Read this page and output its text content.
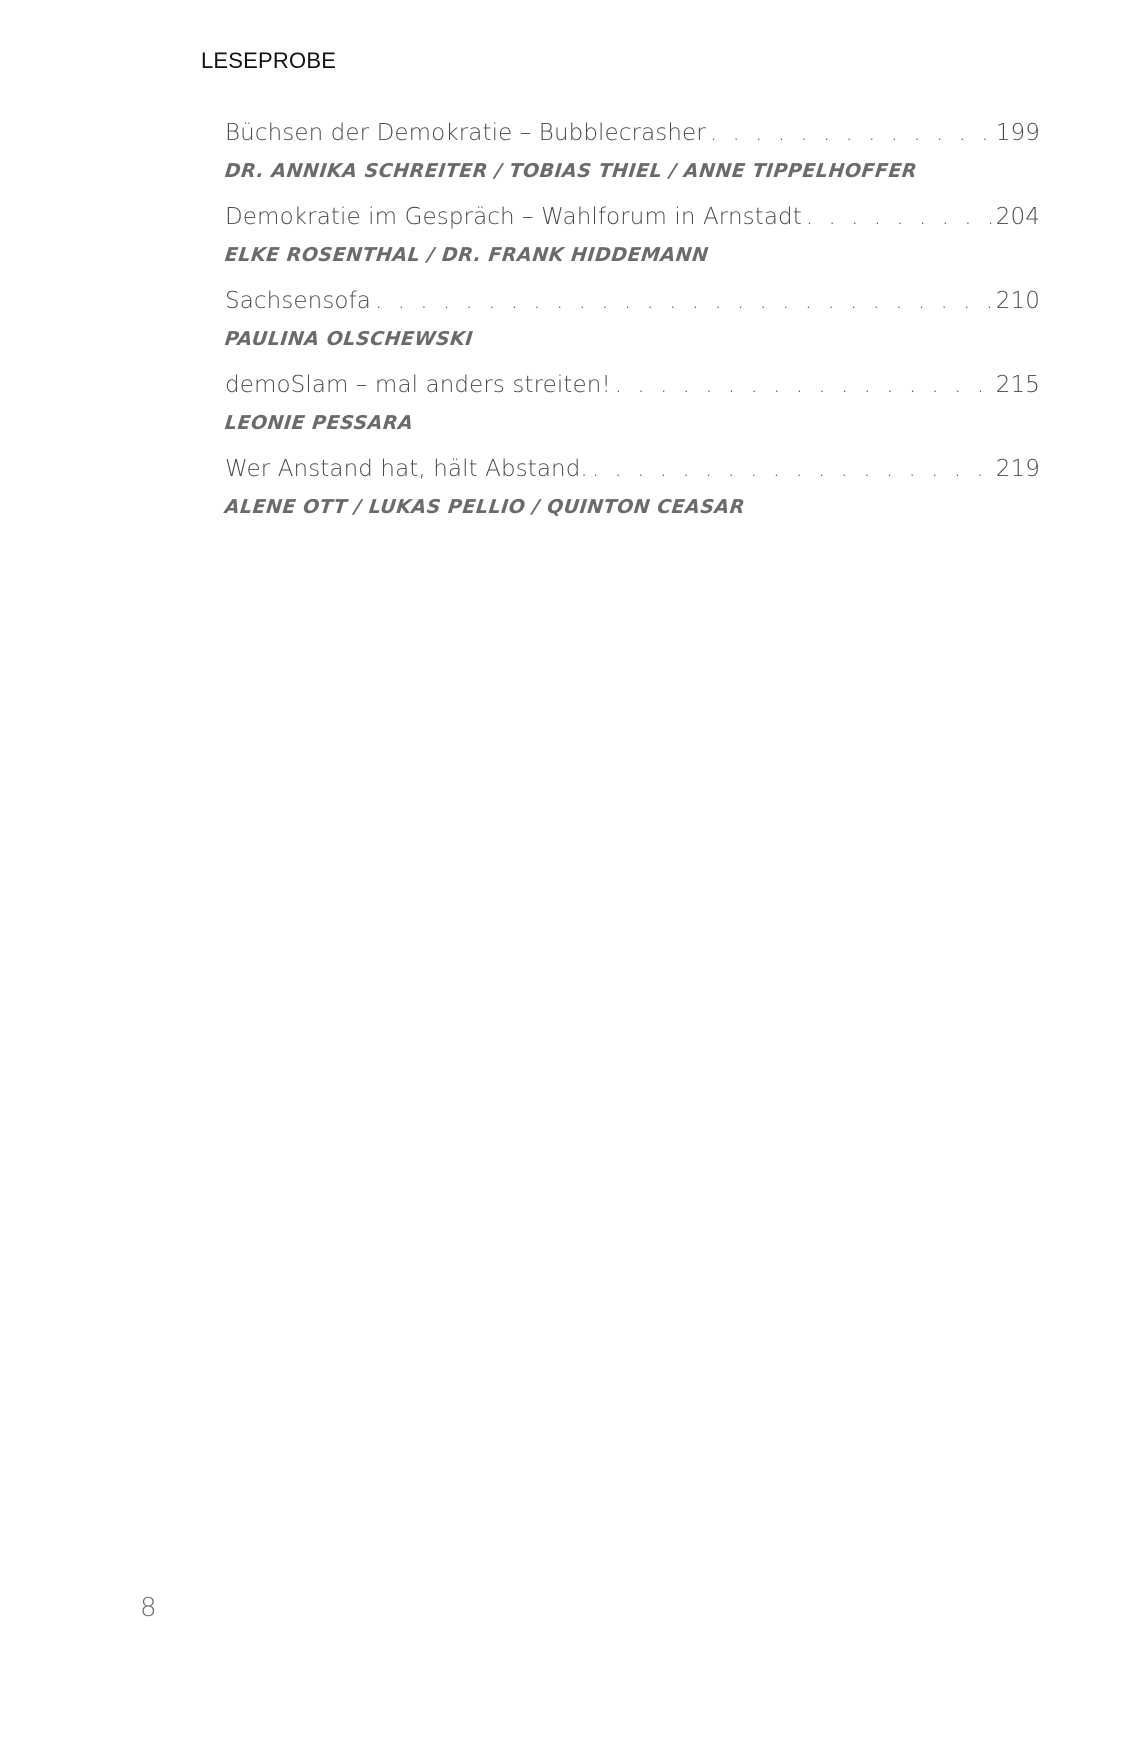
LESEPROBE
Büchsen der Demokratie – Bubblecrasher . . .	199
DR. ANNIKA SCHREITER / TOBIAS THIEL / ANNE TIPPELHOFFER
Demokratie im Gespräch – Wahlforum in Arnstadt . . .	204
ELKE ROSENTHAL / DR. FRANK HIDDEMANN
Sachsensofa . . .	210
PAULINA OLSCHEWSKI
demoSlam – mal anders streiten! . . .	215
LEONIE PESSARA
Wer Anstand hat, hält Abstand. . . .	219
ALENE OTT / LUKAS PELLIO / QUINTON CEASAR
8
